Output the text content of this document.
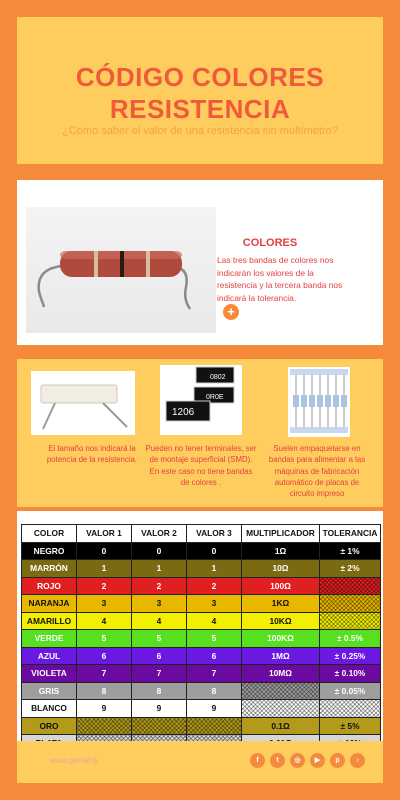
CÓDIGO COLORES
RESISTENCIA
¿Cómo saber el valor de una resistencia sin multímetro?
COLORES
Las tres bandas de colores nos indicarán los valores de la resistencia y la tercera banda nos indicará la tolerancia.
+
0802
0R0E
1206
El tamaño nos indicará la potencia de la resistencia.
Pueden no tener terminales, ser de montaje superficial (SMD). En este caso no tiene bandas de colores .
Suelen empaquetarse en bandas para alimentar a las máquinas de fabricación automático de placas de circuito impreso
COLOR	VALOR 1	VALOR 2	VALOR 3	MULTIPLICADOR	TOLERANCIA
NEGRO	0	0	0	1Ω	± 1%
MARRÓN	1	1	1	10Ω	± 2%
ROJO	2	2	2	100Ω	
NARANJA	3	3	3	1KΩ	
AMARILLO	4	4	4	10KΩ	
VERDE	5	5	5	100KΩ	± 0.5%
AZUL	6	6	6	1MΩ	± 0.25%
VIOLETA	7	7	7	10MΩ	± 0.10%
GRIS	8	8	8		± 0.05%
BLANCO	9	9	9		
ORO				0.1Ω	± 5%

www.genial.ly	f	t	◎	▶	p	♪
